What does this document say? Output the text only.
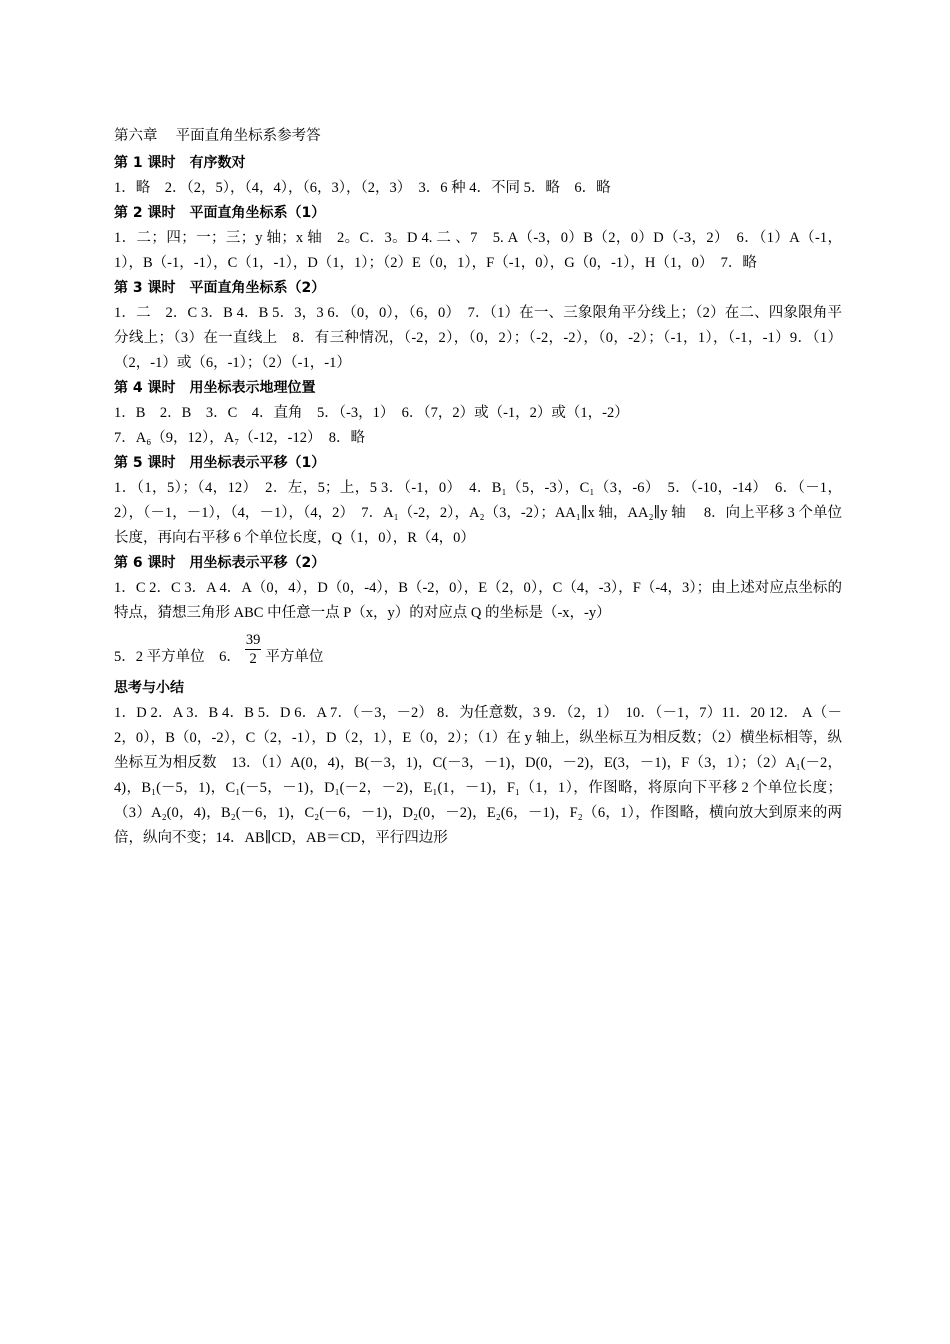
第六章　 平面直角坐标系参考答
第 1 课时　有序数对
1．略　2．（2，5），（4，4），（6，3），（2，3）　3．6 种 4．不同 5．略　6．略
第 2 课时　平面直角坐标系（1）
1．二；四；一；三；y 轴；x 轴　2。C．3。D 4. 二 、7　5. A（-3，0）B（2，0）D（-3，2）　6．（1）A（-1，1），B（-1，-1），C（1，-1），D（1，1）；（2）E（0，1），F（-1，0），G（0，-1），H（1，0）　7．略
第 3 课时　平面直角坐标系（2）
1．二　2．C 3．B 4．B 5．3，3 6．（0，0），（6，0）　7．（1）在一、三象限角平分线上；（2）在二、四象限角平分线上；（3）在一直线上　8．有三种情况，（-2，2），（0，2）；（-2，-2），（0，-2）；（-1，1），（-1，-1）9．（1）（2，-1）或（6，-1）；（2）（-1，-1）
第 4 课时　用坐标表示地理位置
1．B　2．B　3．C　4．直角　5．（-3，1）　6．（7，2）或（-1，2）或（1，-2）
7．A₆（9，12），A₇（-12，-12）　8．略
第 5 课时　用坐标表示平移（1）
1．（1，5）；（4，12）　2．左，5；上，5 3．（-1，0）　4．B₁（5，-3），C₁（3，-6）　5．（-10，-14）　6．（－1，2），（－1，－1），（4，－1），（4，2）　7．A₁（-2，2），A₂（3，-2）；AA₁∥x 轴，AA₂∥y 轴　 8．向上平移 3 个单位长度，再向右平移 6 个单位长度，Q（1，0），R（4，0）
第 6 课时　用坐标表示平移（2）
1．C 2．C 3．A 4．A（0，4），D（0，-4），B（-2，0），E（2，0），C（4，-3），F（-4，3）；由上述对应点坐标的特点，猜想三角形 ABC 中任意一点 P（x，y）的对应点 Q 的坐标是（-x，-y）
5．2 平方单位　6． $\frac{39}{2}$ 平方单位
思考与小结
1．D 2．A 3．B 4．B 5．D 6．A 7．（－3，－2） 8．为任意数，3 9．（2，1）　10．（－1，7）11．20 12． A（－2，0），B（0，-2），C（2，-1），D（2，1），E（0，2）；（1）在 y 轴上，纵坐标互为相反数；（2）横坐标相等，纵坐标互为相反数　13．（1）A(0，4)，B(－3，1)，C(－3，－1)，D(0，－2)，E(3，－1)，F（3，1）；（2）A₁(－2，4)，B₁(－5，1)，C₁(－5，－1)，D₁(－2，－2)，E₁(1，－1)，F₁（1，1），作图略，将原向下平移 2 个单位长度；（3）A₂(0，4)，B₂(－6，1)，C₂(－6，－1)，D₂(0，－2)，E₂(6，－1)，F₂（6，1），作图略，横向放大到原来的两倍，纵向不变；14．AB∥CD，AB＝CD，平行四边形
